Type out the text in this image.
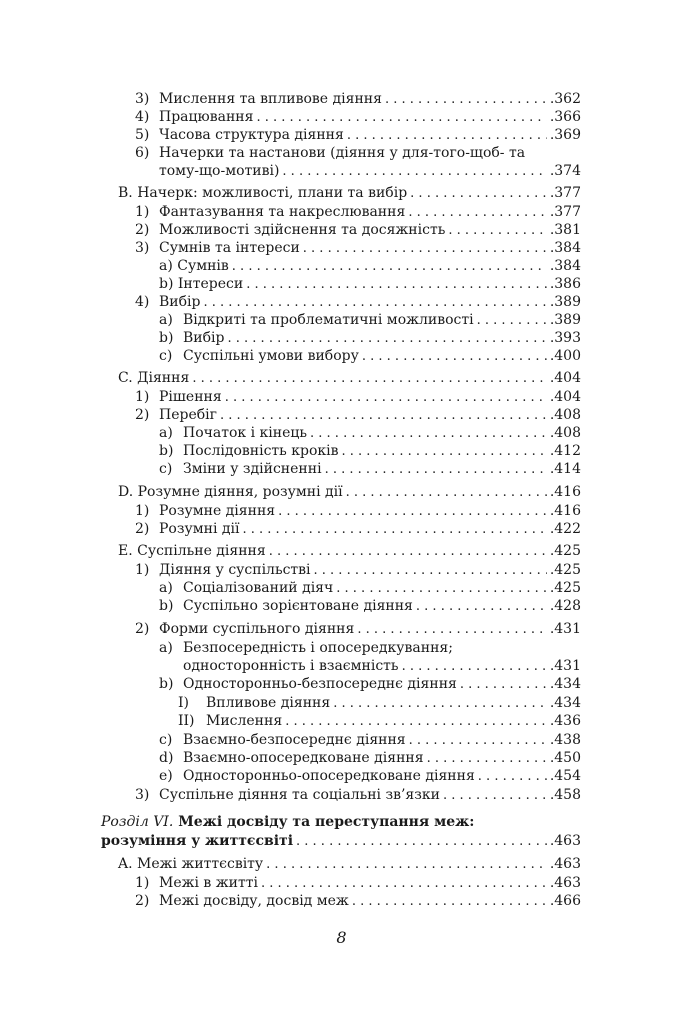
3) Мислення та впливове діяння . . .	.362
4) Працювання . . .	.366
5) Часова структура діяння . . .	.369
6) Начерки та настанови (діяння у для-того-щоб- та
тому-що-мотиві) . . .	.374
B. Начерк: можливості, плани та вибір . . .	.377
1) Фантазування та накреслювання . . .	.377
2) Можливості здійснення та досяжність . . .	.381
3) Сумнів та інтереси . . .	.384
a) Сумнів . . .	.384
b) Інтереси . . .	.386
4) Вибір . . .	.389
a) Відкриті та проблематичні можливості . . .	.389
b) Вибір . . .	.393
c) Суспільні умови вибору . . .	.400
C. Діяння . . .	.404
1) Рішення . . .	.404
2) Перебіг . . .	.408
a) Початок і кінець . . .	.408
b) Послідовність кроків . . .	.412
c) Зміни у здійсненні . . .	.414
D. Розумне діяння, розумні дії . . .	.416
1) Розумне діяння . . .	.416
2) Розумні дії . . .	.422
E. Суспільне діяння . . .	.425
1) Діяння у суспільстві . . .	.425
a) Соціалізований діяч . . .	.425
b) Суспільно зорієнтоване діяння . . .	.428
2) Форми суспільного діяння . . .	.431
a) Безпосередність і опосередкування;
односторонність і взаємність . . .	.431
b) Односторонньо-безпосереднє діяння . . .	.434
I)	Впливове діяння . . .	.434
II) Мислення . . .	.436
c) Взаємно-безпосереднє діяння . . .	.438
d) Взаємно-опосередковане діяння . . .	.450
e) Односторонньо-опосередковане діяння . . .	.454
3) Суспільне діяння та соціальні зв’язки . . .	.458
Розділ VI. Межі досвіду та переступання меж:
розуміння у життєсвіті . . .	.463
A. Межі життєсвіту . . .	.463
1) Межі в житті . . .	.463
2) Межі досвіду, досвід меж . . .	.466
8
